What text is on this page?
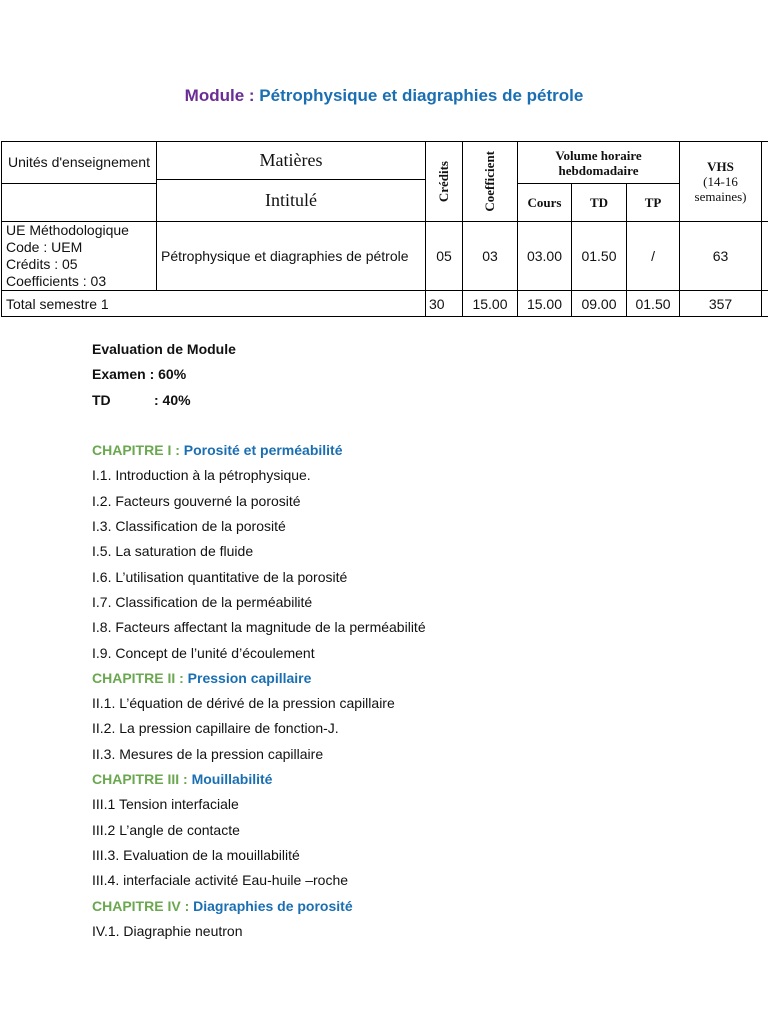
Module : Pétrophysique et diagraphies de pétrole
Unités d'enseignement	Matières	Crédits	Coefficient	Volume horaire hebdomadaire			VHS
(14-16 semaines)	

	Intitulé							
				Cours	TD	TP		

UE Méthodologique
Code : UEM
Crédits : 05
Coefficients : 03	Pétrophysique et diagraphies de pétrole	05	03	03.00	01.50	/	63	
Total semestre 1		30	15.00	15.00	09.00	01.50	357	
Evaluation de Module
Examen : 60%
TD	: 40%
CHAPITRE I : Porosité et perméabilité
I.1. Introduction à la pétrophysique.
I.2. Facteurs gouverné la porosité
I.3. Classification de la porosité
I.5. La saturation de fluide
I.6. L’utilisation quantitative de la porosité
I.7. Classification de la perméabilité
I.8. Facteurs affectant la magnitude de la perméabilité
I.9. Concept de l’unité d’écoulement
CHAPITRE II : Pression capillaire
II.1. L’équation de dérivé de la pression capillaire
II.2. La pression capillaire de fonction-J.
II.3. Mesures de la pression capillaire
CHAPITRE III : Mouillabilité
III.1 Tension interfaciale
III.2 L’angle de contacte
III.3. Evaluation de la mouillabilité
III.4. interfaciale activité Eau-huile –roche
CHAPITRE IV : Diagraphies de porosité
IV.1. Diagraphie neutron
